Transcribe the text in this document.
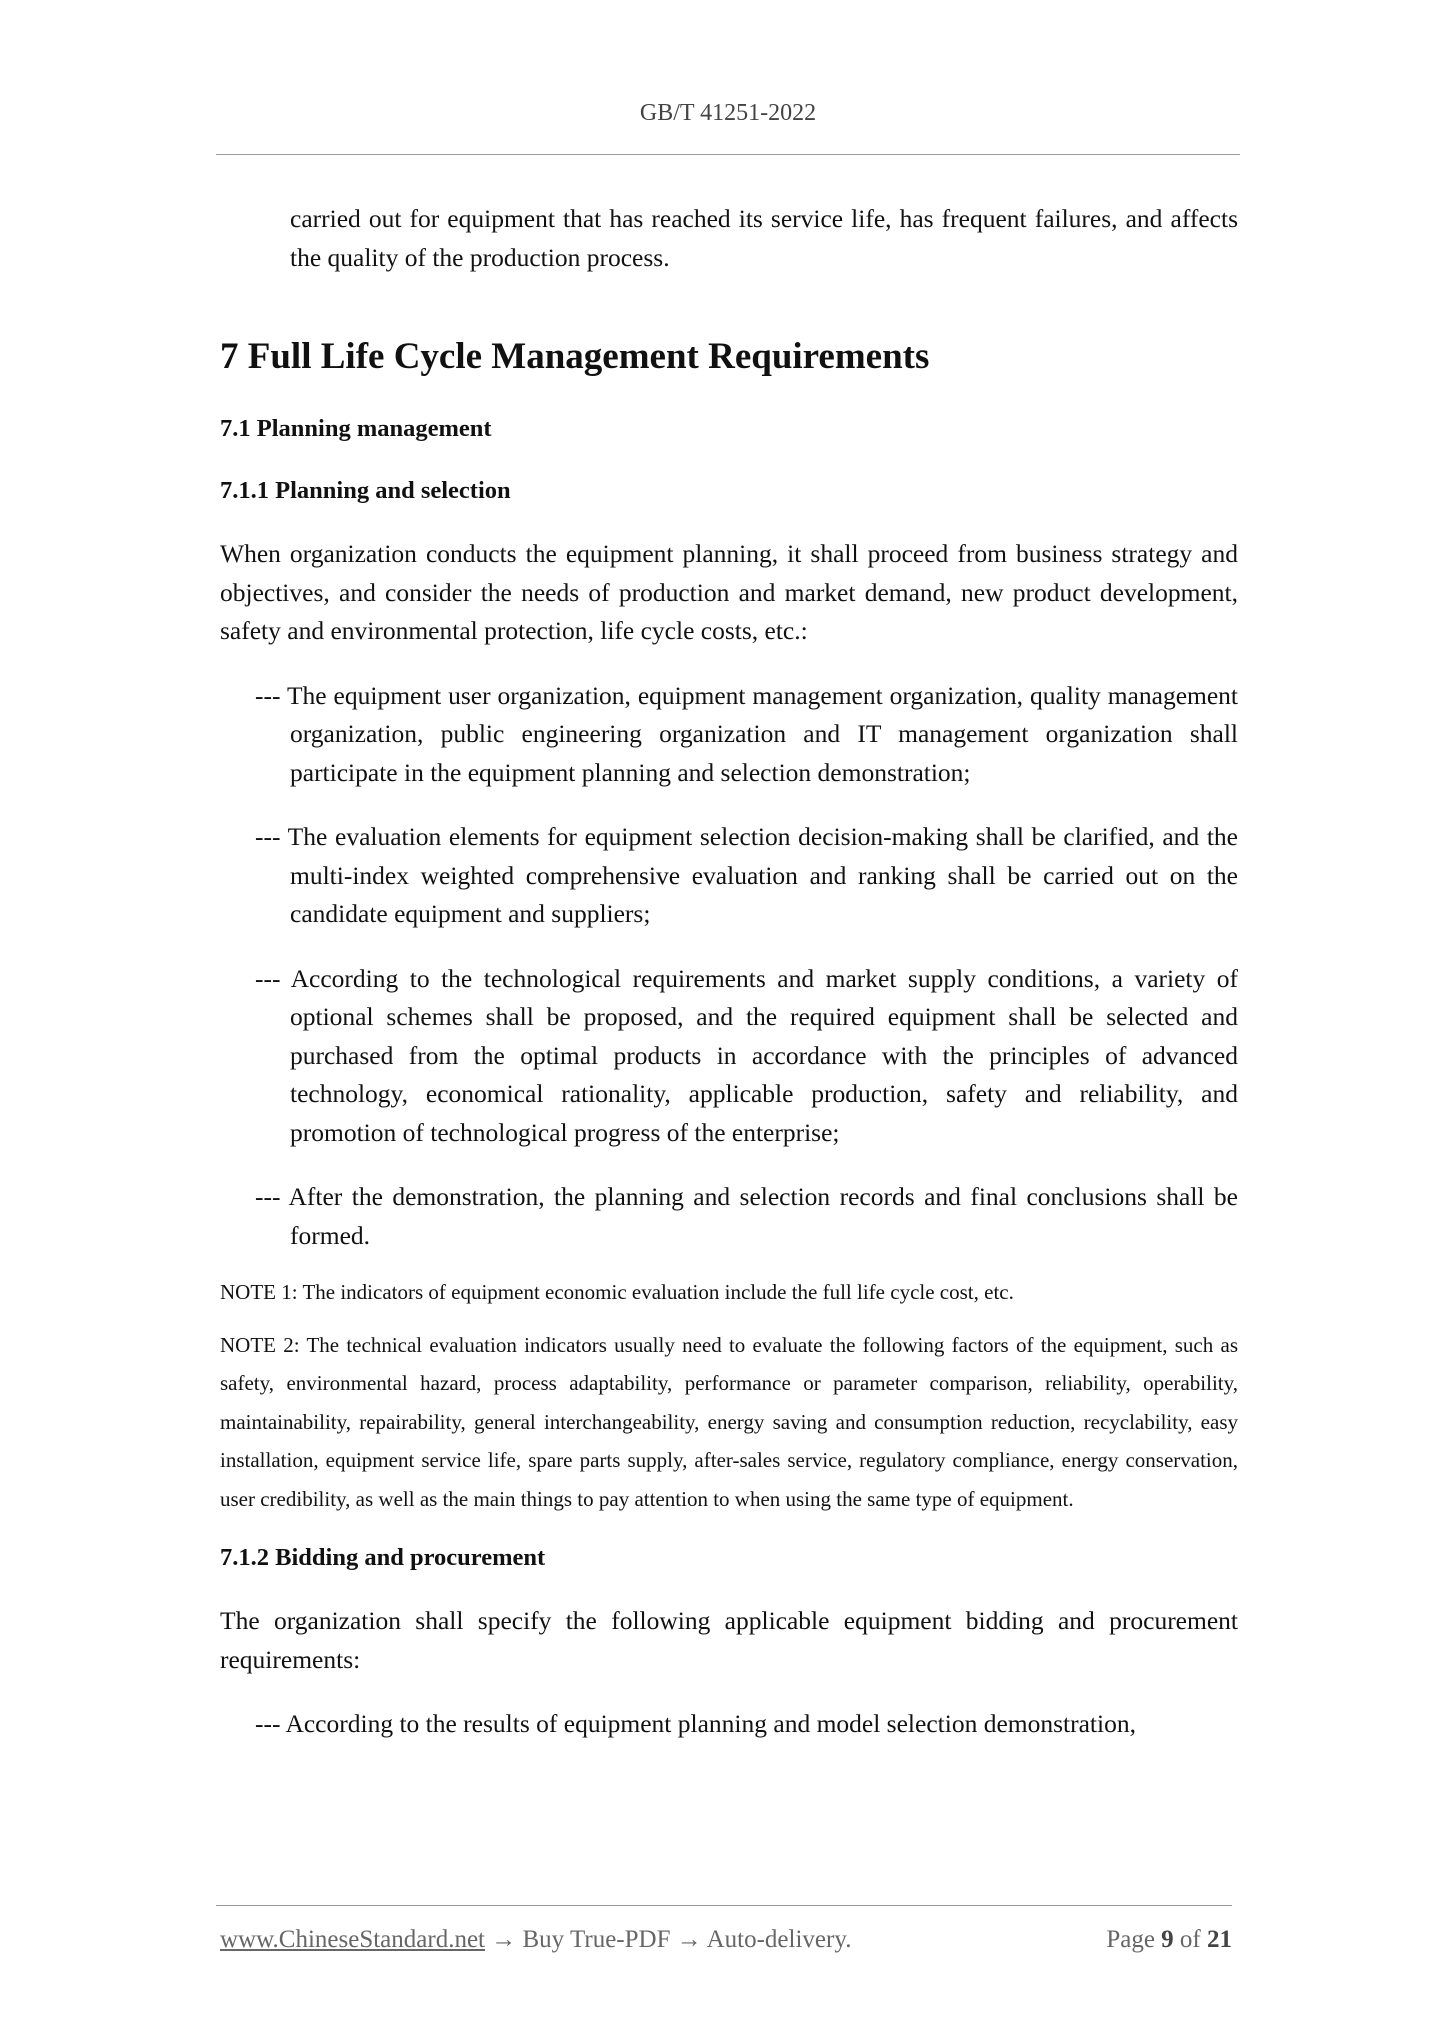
GB/T 41251-2022

carried out for equipment that has reached its service life, has frequent failures, and affects the quality of the production process.

7 Full Life Cycle Management Requirements

7.1 Planning management

7.1.1 Planning and selection

When organization conducts the equipment planning, it shall proceed from business strategy and objectives, and consider the needs of production and market demand, new product development, safety and environmental protection, life cycle costs, etc.:

--- The equipment user organization, equipment management organization, quality management organization, public engineering organization and IT management organization shall participate in the equipment planning and selection demonstration;

--- The evaluation elements for equipment selection decision-making shall be clarified, and the multi-index weighted comprehensive evaluation and ranking shall be carried out on the candidate equipment and suppliers;

--- According to the technological requirements and market supply conditions, a variety of optional schemes shall be proposed, and the required equipment shall be selected and purchased from the optimal products in accordance with the principles of advanced technology, economical rationality, applicable production, safety and reliability, and promotion of technological progress of the enterprise;

--- After the demonstration, the planning and selection records and final conclusions shall be formed.

NOTE 1: The indicators of equipment economic evaluation include the full life cycle cost, etc.

NOTE 2: The technical evaluation indicators usually need to evaluate the following factors of the equipment, such as safety, environmental hazard, process adaptability, performance or parameter comparison, reliability, operability, maintainability, repairability, general interchangeability, energy saving and consumption reduction, recyclability, easy installation, equipment service life, spare parts supply, after-sales service, regulatory compliance, energy conservation, user credibility, as well as the main things to pay attention to when using the same type of equipment.

7.1.2 Bidding and procurement

The organization shall specify the following applicable equipment bidding and procurement requirements:

--- According to the results of equipment planning and model selection demonstration,

www.ChineseStandard.net → Buy True-PDF → Auto-delivery.	Page 9 of 21
